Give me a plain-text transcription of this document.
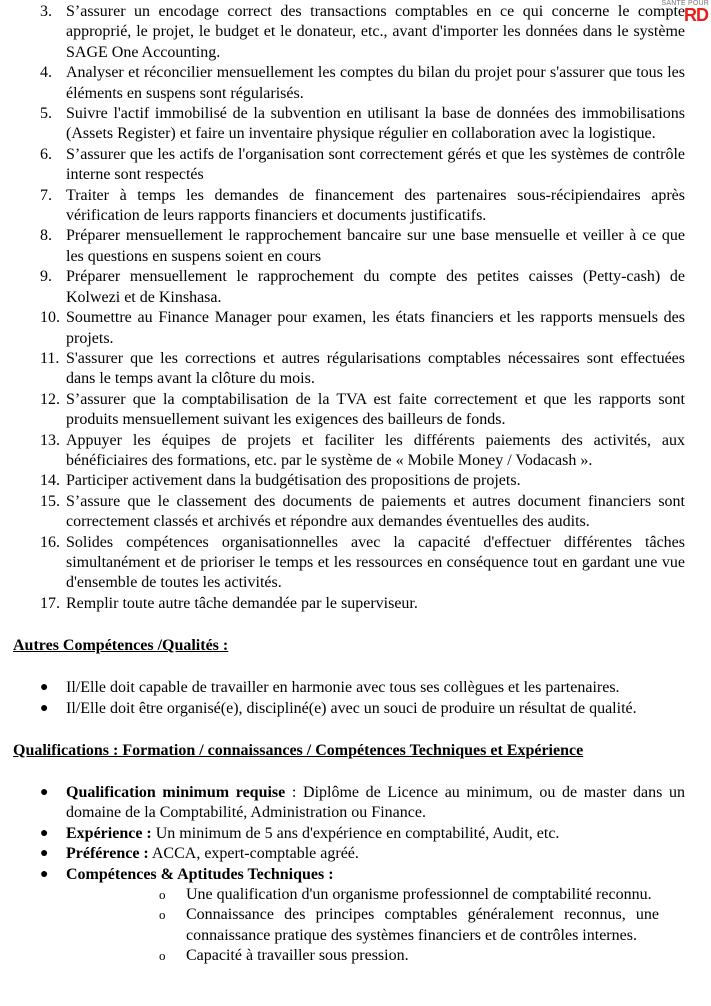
SANTE POUR
RD
3. S’assurer un encodage correct des transactions comptables en ce qui concerne le compte approprié, le projet, le budget et le donateur, etc., avant d'importer les données dans le système SAGE One Accounting.
4. Analyser et réconcilier mensuellement les comptes du bilan du projet pour s'assurer que tous les éléments en suspens sont régularisés.
5. Suivre l'actif immobilisé de la subvention en utilisant la base de données des immobilisations (Assets Register) et faire un inventaire physique régulier en collaboration avec la logistique.
6. S’assurer que les actifs de l'organisation sont correctement gérés et que les systèmes de contrôle interne sont respectés
7. Traiter à temps les demandes de financement des partenaires sous-récipiendaires après vérification de leurs rapports financiers et documents justificatifs.
8. Préparer mensuellement le rapprochement bancaire sur une base mensuelle et veiller à ce que les questions en suspens soient en cours
9. Préparer mensuellement le rapprochement du compte des petites caisses (Petty-cash) de Kolwezi et de Kinshasa.
10. Soumettre au Finance Manager pour examen, les états financiers et les rapports mensuels des projets.
11. S'assurer que les corrections et autres régularisations comptables nécessaires sont effectuées dans le temps avant la clôture du mois.
12. S’assurer que la comptabilisation de la TVA est faite correctement et que les rapports sont produits mensuellement suivant les exigences des bailleurs de fonds.
13. Appuyer les équipes de projets et faciliter les différents paiements des activités, aux bénéficiaires des formations, etc. par le système de « Mobile Money / Vodacash ».
14. Participer activement dans la budgétisation des propositions de projets.
15. S’assure que le classement des documents de paiements et autres document financiers sont correctement classés et archivés et répondre aux demandes éventuelles des audits.
16. Solides compétences organisationnelles avec la capacité d'effectuer différentes tâches simultanément et de prioriser le temps et les ressources en conséquence tout en gardant une vue d'ensemble de toutes les activités.
17. Remplir toute autre tâche demandée par le superviseur.
Autres Compétences /Qualités :
● Il/Elle doit capable de travailler en harmonie avec tous ses collègues et les partenaires.
● Il/Elle doit être organisé(e), discipliné(e) avec un souci de produire un résultat de qualité.
Qualifications : Formation / connaissances / Compétences Techniques et Expérience
● Qualification minimum requise : Diplôme de Licence au minimum, ou de master dans un domaine de la Comptabilité, Administration ou Finance.
● Expérience : Un minimum de 5 ans d'expérience en comptabilité, Audit, etc.
● Préférence : ACCA, expert-comptable agréé.
● Compétences & Aptitudes Techniques :
o Une qualification d'un organisme professionnel de comptabilité reconnu.
o Connaissance des principes comptables généralement reconnus, une connaissance pratique des systèmes financiers et de contrôles internes.
o Capacité à travailler sous pression.
